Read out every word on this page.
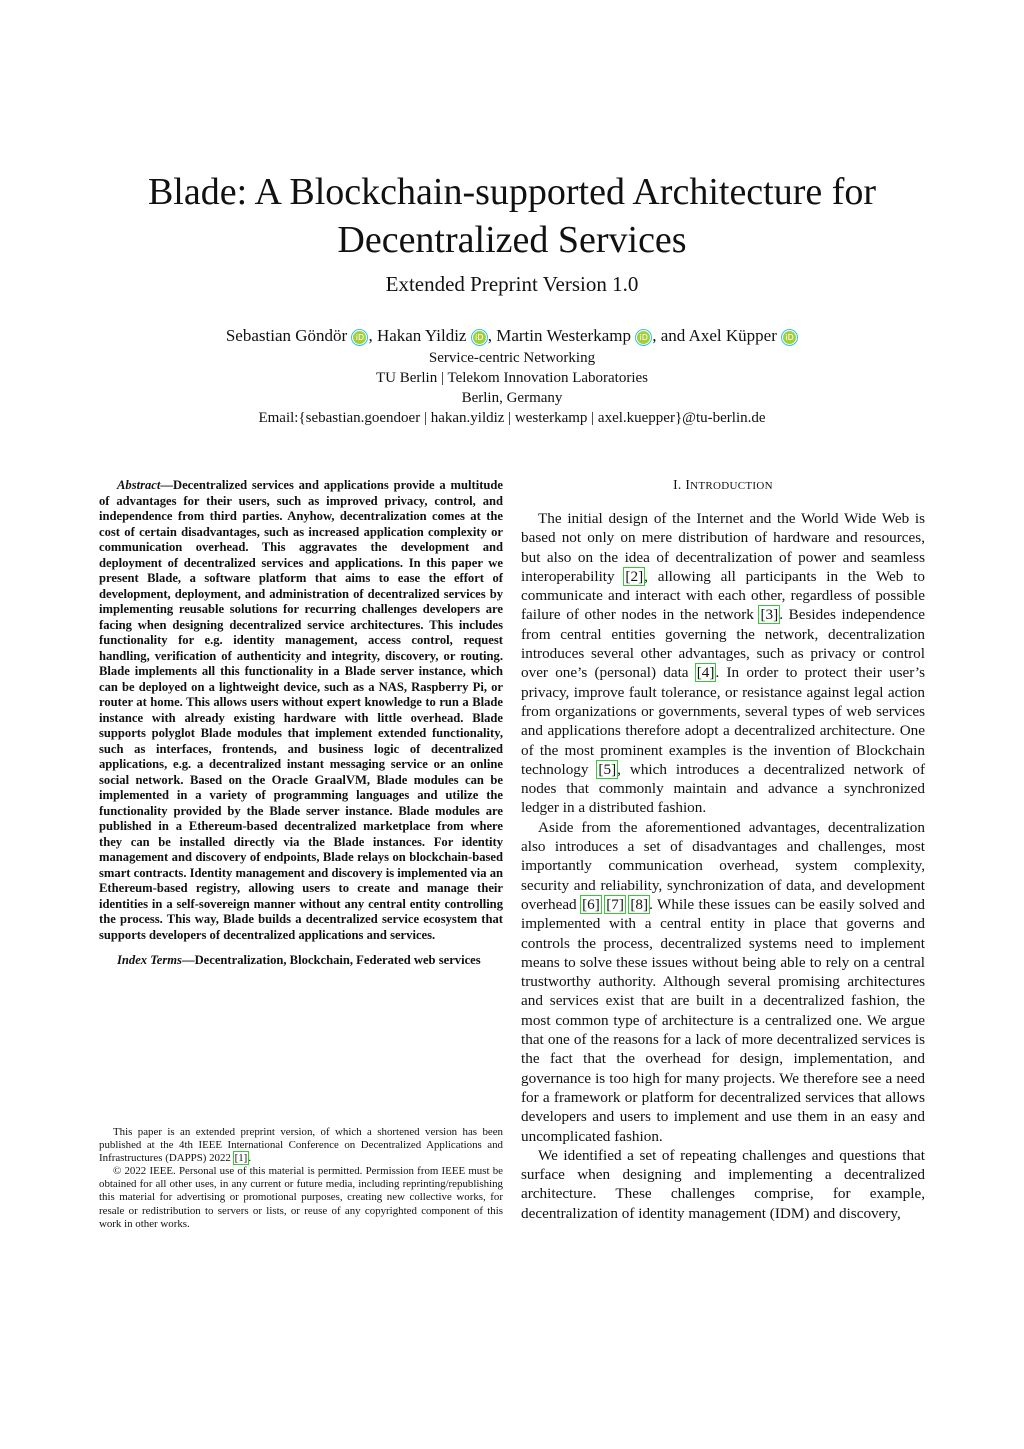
Blade: A Blockchain-supported Architecture for Decentralized Services
Extended Preprint Version 1.0
Sebastian Göndör iD , Hakan Yildiz iD , Martin Westerkamp iD , and Axel Küpper iD
Service-centric Networking
TU Berlin | Telekom Innovation Laboratories
Berlin, Germany
Email:{sebastian.goendoer | hakan.yildiz | westerkamp | axel.kuepper}@tu-berlin.de

Abstract—Decentralized services and applications provide a multitude of advantages for their users, such as improved privacy, control, and independence from third parties. Anyhow, decentralization comes at the cost of certain disadvantages, such as increased application complexity or communication overhead. This aggravates the development and deployment of decentralized services and applications. In this paper we present Blade, a software platform that aims to ease the effort of development, deployment, and administration of decentralized services by implementing reusable solutions for recurring challenges developers are facing when designing decentralized service architectures. This includes functionality for e.g. identity management, access control, request handling, verification of authenticity and integrity, discovery, or routing. Blade implements all this functionality in a Blade server instance, which can be deployed on a lightweight device, such as a NAS, Raspberry Pi, or router at home. This allows users without expert knowledge to run a Blade instance with already existing hardware with little overhead. Blade supports polyglot Blade modules that implement extended functionality, such as interfaces, frontends, and business logic of decentralized applications, e.g. a decentralized instant messaging service or an online social network. Based on the Oracle GraalVM, Blade modules can be implemented in a variety of programming languages and utilize the functionality provided by the Blade server instance. Blade modules are published in a Ethereum-based decentralized marketplace from where they can be installed directly via the Blade instances. For identity management and discovery of endpoints, Blade relays on blockchain-based smart contracts. Identity management and discovery is implemented via an Ethereum-based registry, allowing users to create and manage their identities in a self-sovereign manner without any central entity controlling the process. This way, Blade builds a decentralized service ecosystem that supports developers of decentralized applications and services.

Index Terms—Decentralization, Blockchain, Federated web services

This paper is an extended preprint version, of which a shortened version has been published at the 4th IEEE International Conference on Decentralized Applications and Infrastructures (DAPPS) 2022 [1].

© 2022 IEEE. Personal use of this material is permitted. Permission from IEEE must be obtained for all other uses, in any current or future media, including reprinting/republishing this material for advertising or promotional purposes, creating new collective works, for resale or redistribution to servers or lists, or reuse of any copyrighted component of this work in other works.

I. INTRODUCTION

The initial design of the Internet and the World Wide Web is based not only on mere distribution of hardware and resources, but also on the idea of decentralization of power and seamless interoperability [2], allowing all participants in the Web to communicate and interact with each other, regardless of possible failure of other nodes in the network [3]. Besides independence from central entities governing the network, decentralization introduces several other advantages, such as privacy or control over one’s (personal) data [4]. In order to protect their user’s privacy, improve fault tolerance, or resistance against legal action from organizations or governments, several types of web services and applications therefore adopt a decentralized architecture. One of the most prominent examples is the invention of Blockchain technology [5], which introduces a decentralized network of nodes that commonly maintain and advance a synchronized ledger in a distributed fashion.

Aside from the aforementioned advantages, decentralization also introduces a set of disadvantages and challenges, most importantly communication overhead, system complexity, security and reliability, synchronization of data, and development overhead [6] [7] [8]. While these issues can be easily solved and implemented with a central entity in place that governs and controls the process, decentralized systems need to implement means to solve these issues without being able to rely on a central trustworthy authority. Although several promising architectures and services exist that are built in a decentralized fashion, the most common type of architecture is a centralized one. We argue that one of the reasons for a lack of more decentralized services is the fact that the overhead for design, implementation, and governance is too high for many projects. We therefore see a need for a framework or platform for decentralized services that allows developers and users to implement and use them in an easy and uncomplicated fashion.

We identified a set of repeating challenges and questions that surface when designing and implementing a decentralized architecture. These challenges comprise, for example, decentralization of identity management (IDM) and discovery,
